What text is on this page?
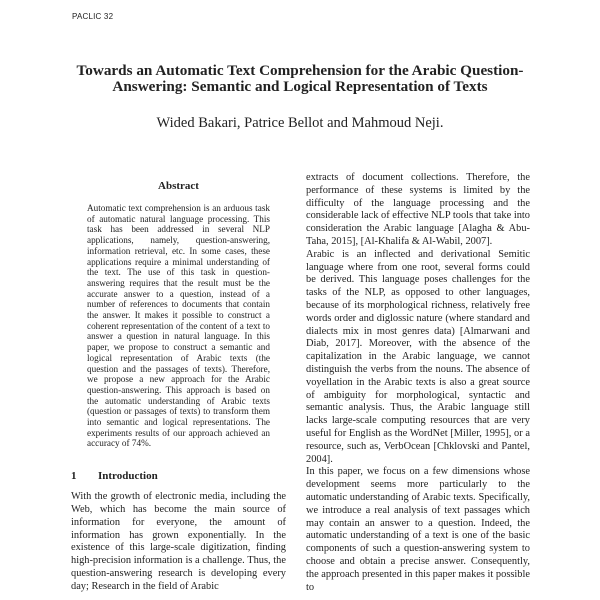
PACLIC 32
Towards an Automatic Text Comprehension for the Arabic Question-Answering: Semantic and Logical Representation of Texts
Wided Bakari, Patrice Bellot and Mahmoud Neji.
Abstract
Automatic text comprehension is an arduous task of automatic natural language processing. This task has been addressed in several NLP applications, namely, question-answering, information retrieval, etc. In some cases, these applications require a minimal understanding of the text. The use of this task in question-answering requires that the result must be the accurate answer to a question, instead of a number of references to documents that contain the answer. It makes it possible to construct a coherent representation of the content of a text to answer a question in natural language. In this paper, we propose to construct a semantic and logical representation of Arabic texts (the question and the passages of texts). Therefore, we propose a new approach for the Arabic question-answering. This approach is based on the automatic understanding of Arabic texts (question or passages of texts) to transform them into semantic and logical representations. The experiments results of our approach achieved an accuracy of 74%.
1 Introduction

With the growth of electronic media, including the Web, which has become the main source of information for everyone, the amount of information has grown exponentially. In the existence of this large-scale digitization, finding high-precision information is a challenge. Thus, the question-answering research is developing every day; Research in the field of Arabic

extracts of document collections. Therefore, the performance of these systems is limited by the difficulty of the language processing and the considerable lack of effective NLP tools that take into consideration the Arabic language [Alagha & Abu-Taha, 2015], [Al-Khalifa & Al-Wabil, 2007].

Arabic is an inflected and derivational Semitic language where from one root, several forms could be derived. This language poses challenges for the tasks of the NLP, as opposed to other languages, because of its morphological richness, relatively free words order and diglossic nature (where standard and dialects mix in most genres data) [Almarwani and Diab, 2017]. Moreover, with the absence of the capitalization in the Arabic language, we cannot distinguish the verbs from the nouns. The absence of voyellation in the Arabic texts is also a great source of ambiguity for morphological, syntactic and semantic analysis. Thus, the Arabic language still lacks large-scale computing resources that are very useful for English as the WordNet [Miller, 1995], or a resource, such as, VerbOcean [Chklovski and Pantel, 2004].

In this paper, we focus on a few dimensions whose development seems more particularly to the automatic understanding of Arabic texts. Specifically, we introduce a real analysis of text passages which may contain an answer to a question. Indeed, the automatic understanding of a text is one of the basic components of such a question-answering system to choose and obtain a precise answer. Consequently, the approach presented in this paper makes it possible to
